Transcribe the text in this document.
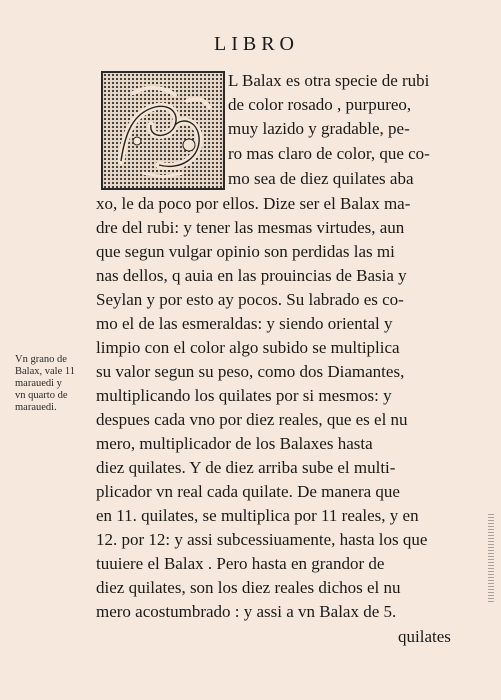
LIBRO

L Balax es otra specie de rubi

de color rosado , purpureo,

muy lazido y gradable, pe-

ro mas claro de color, que co-

mo sea de diez quilates aba

xo, le da poco por ellos. Dize ser el Balax ma-

dre del rubi: y tener las mesmas virtudes, aun

que segun vulgar opinio son perdidas las mi

nas dellos, q auia en las prouincias de Basia y

Seylan y por esto ay pocos. Su labrado es co-

mo el de las esmeraldas: y siendo oriental y

limpio con el color algo subido se multiplica

su valor segun su peso, como dos Diamantes,

multiplicando los quilates por si mesmos: y

despues cada vno por diez reales, que es el nu

mero, multiplicador de los Balaxes hasta

diez quilates. Y de diez arriba sube el multi-

plicador vn real cada quilate. De manera que

en 11. quilates, se multiplica por 11 reales, y en

12. por 12: y assi subcessiuamente, hasta los que

tuuiere el Balax . Pero hasta en grandor de

diez quilates, son los diez reales dichos el nu

mero acostumbrado : y assi a vn Balax de 5.

quilates

Vn grano de
Balax, vale 11
marauedi y
vn quarto de
marauedi.
